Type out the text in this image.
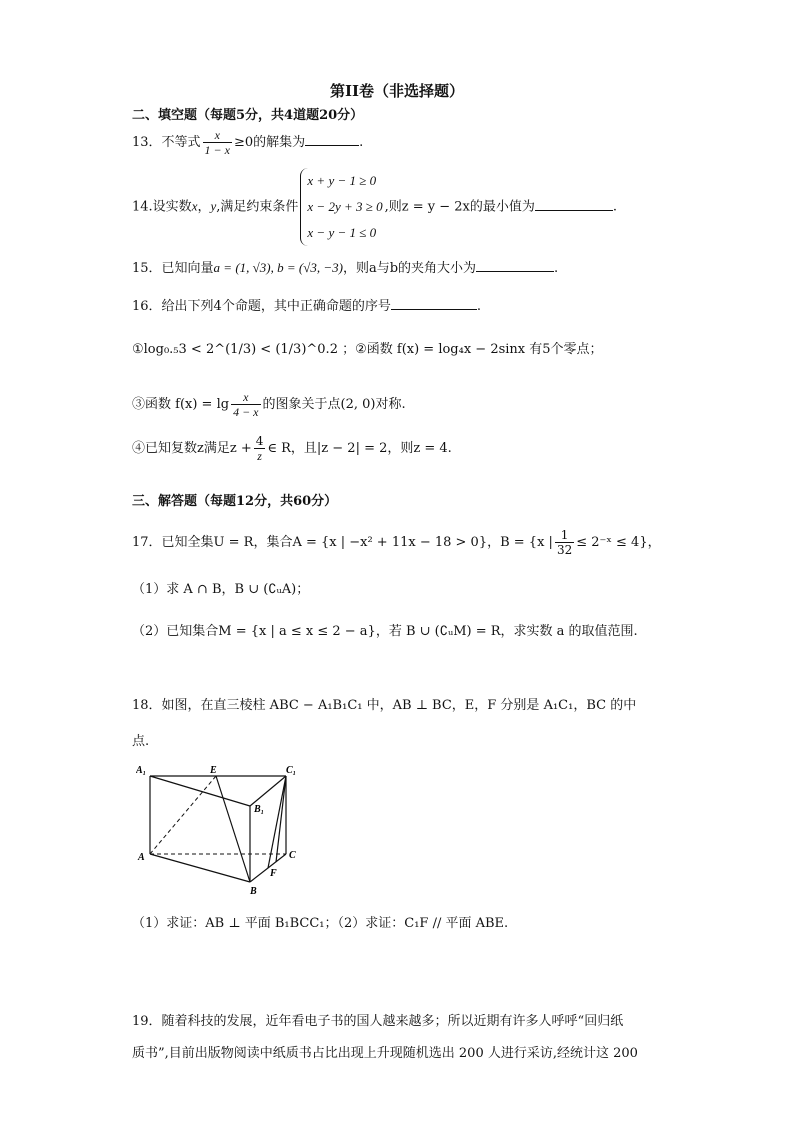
第II卷（非选择题）
二、填空题（每题5分，共4道题20分）
13．不等式 $\frac{x}{1 - x} \ge 0$的解集为	.
14.设实数x，y,满足约束条件
x + y − 1 ≥ 0
x − 2y + 3 ≥ 0
x − y − 1 ≤ 0
,则z = y − 2x的最小值为	.
15．已知向量a = (1, √3), b = (√3, −3)，则a与b的夹角大小为	.
16．给出下列4个命题，其中正确命题的序号	.
①log₀.₅3 < 2^(1/3) < (1/3)^0.2 ；②函数 f(x) = log₄x − 2sinx 有5个零点；
③函数 $f(x) = \lg \frac{x}{4 - x}$ 的图象关于点(2, 0)对称.
④已知复数z满足$z + \frac{4}{z}$ ∈ R，且|z − 2| = 2，则z = 4.
三、解答题（每题12分，共60分）
17．已知全集U = R，集合A = {x | −x² + 11x − 18 > 0}，B = {x | $\frac{1}{32}$ ≤ 2⁻ˣ ≤ 4}，
（1）求 A ∩ B，B ∪ (∁ᵤA)；
（2）已知集合M = {x | a ≤ x ≤ 2 − a}，若 B ∪ (∁ᵤM) = R，求实数 a 的取值范围.
18．如图，在直三棱柱 ABC − A₁B₁C₁ 中，AB ⊥ BC，E，F 分别是 A₁C₁，BC 的中
点.
A₁	E	C₁
B₁
A	C
F
B
（1）求证：AB ⊥ 平面 B₁BCC₁；（2）求证：C₁F // 平面 ABE.
19．随着科技的发展，近年看电子书的国人越来越多；所以近期有许多人呼呼“回归纸
质书”,目前出版物阅读中纸质书占比出现上升现随机选出 200 人进行采访,经统计这 200
